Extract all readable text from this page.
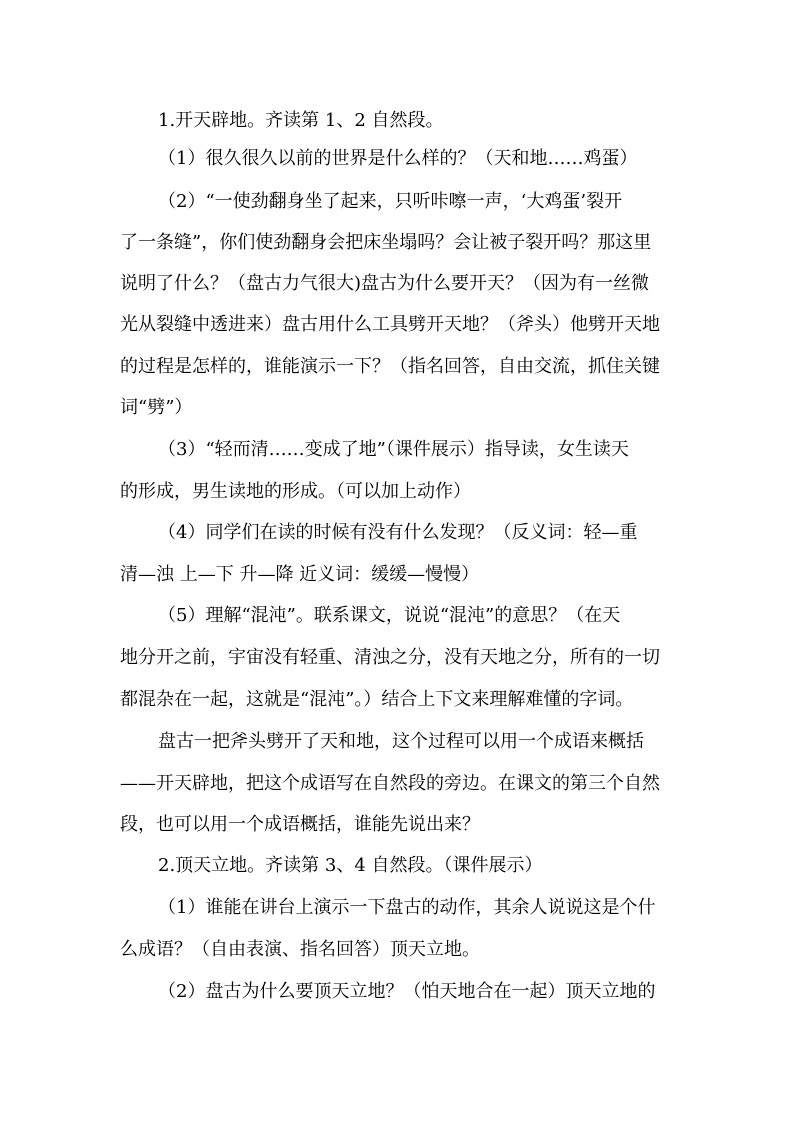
1.开天辟地。齐读第 1、2 自然段。
（1）很久很久以前的世界是什么样的？（天和地……鸡蛋）
（2）“一使劲翻身坐了起来，只听咔嚓一声，‘大鸡蛋’裂开
了一条缝”，你们使劲翻身会把床坐塌吗？会让被子裂开吗？那这里
说明了什么？（盘古力气很大)盘古为什么要开天？（因为有一丝微
光从裂缝中透进来）盘古用什么工具劈开天地？（斧头）他劈开天地
的过程是怎样的，谁能演示一下？（指名回答，自由交流，抓住关键
词“劈”）
（3）“轻而清……变成了地”（课件展示）指导读，女生读天
的形成，男生读地的形成。（可以加上动作）
（4）同学们在读的时候有没有什么发现？（反义词：轻—重
清—浊 上—下 升—降 近义词：缓缓—慢慢）
（5）理解“混沌”。联系课文，说说“混沌”的意思？（在天
地分开之前，宇宙没有轻重、清浊之分，没有天地之分，所有的一切
都混杂在一起，这就是“混沌”。）结合上下文来理解难懂的字词。
盘古一把斧头劈开了天和地，这个过程可以用一个成语来概括
——开天辟地，把这个成语写在自然段的旁边。在课文的第三个自然
段，也可以用一个成语概括，谁能先说出来？
2.顶天立地。齐读第 3、4 自然段。（课件展示）
（1）谁能在讲台上演示一下盘古的动作，其余人说说这是个什
么成语？（自由表演、指名回答）顶天立地。
（2）盘古为什么要顶天立地？（怕天地合在一起）顶天立地的
